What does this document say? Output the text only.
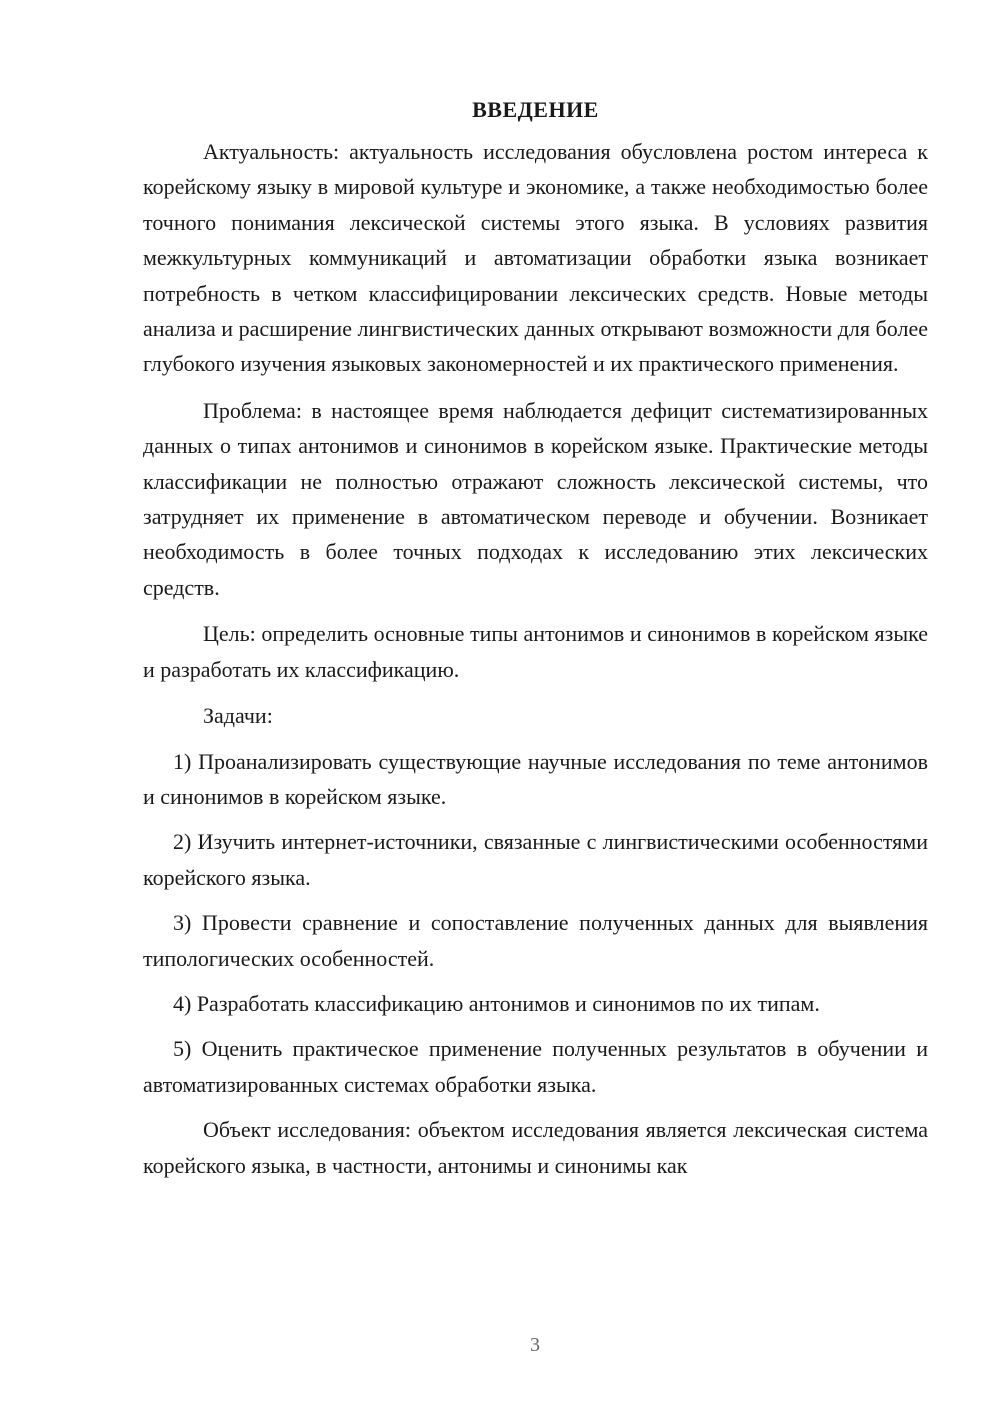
ВВЕДЕНИЕ

Актуальность: актуальность исследования обусловлена ростом интереса к корейскому языку в мировой культуре и экономике, а также необходимостью более точного понимания лексической системы этого языка. В условиях развития межкультурных коммуникаций и автоматизации обработки языка возникает потребность в четком классифицировании лексических средств. Новые методы анализа и расширение лингвистических данных открывают возможности для более глубокого изучения языковых закономерностей и их практического применения.

Проблема: в настоящее время наблюдается дефицит систематизированных данных о типах антонимов и синонимов в корейском языке. Практические методы классификации не полностью отражают сложность лексической системы, что затрудняет их применение в автоматическом переводе и обучении. Возникает необходимость в более точных подходах к исследованию этих лексических средств.

Цель: определить основные типы антонимов и синонимов в корейском языке и разработать их классификацию.

Задачи:

1) Проанализировать существующие научные исследования по теме антонимов и синонимов в корейском языке.

2) Изучить интернет-источники, связанные с лингвистическими особенностями корейского языка.

3) Провести сравнение и сопоставление полученных данных для выявления типологических особенностей.

4) Разработать классификацию антонимов и синонимов по их типам.

5) Оценить практическое применение полученных результатов в обучении и автоматизированных системах обработки языка.

Объект исследования: объектом исследования является лексическая система корейского языка, в частности, антонимы и синонимы как

3
